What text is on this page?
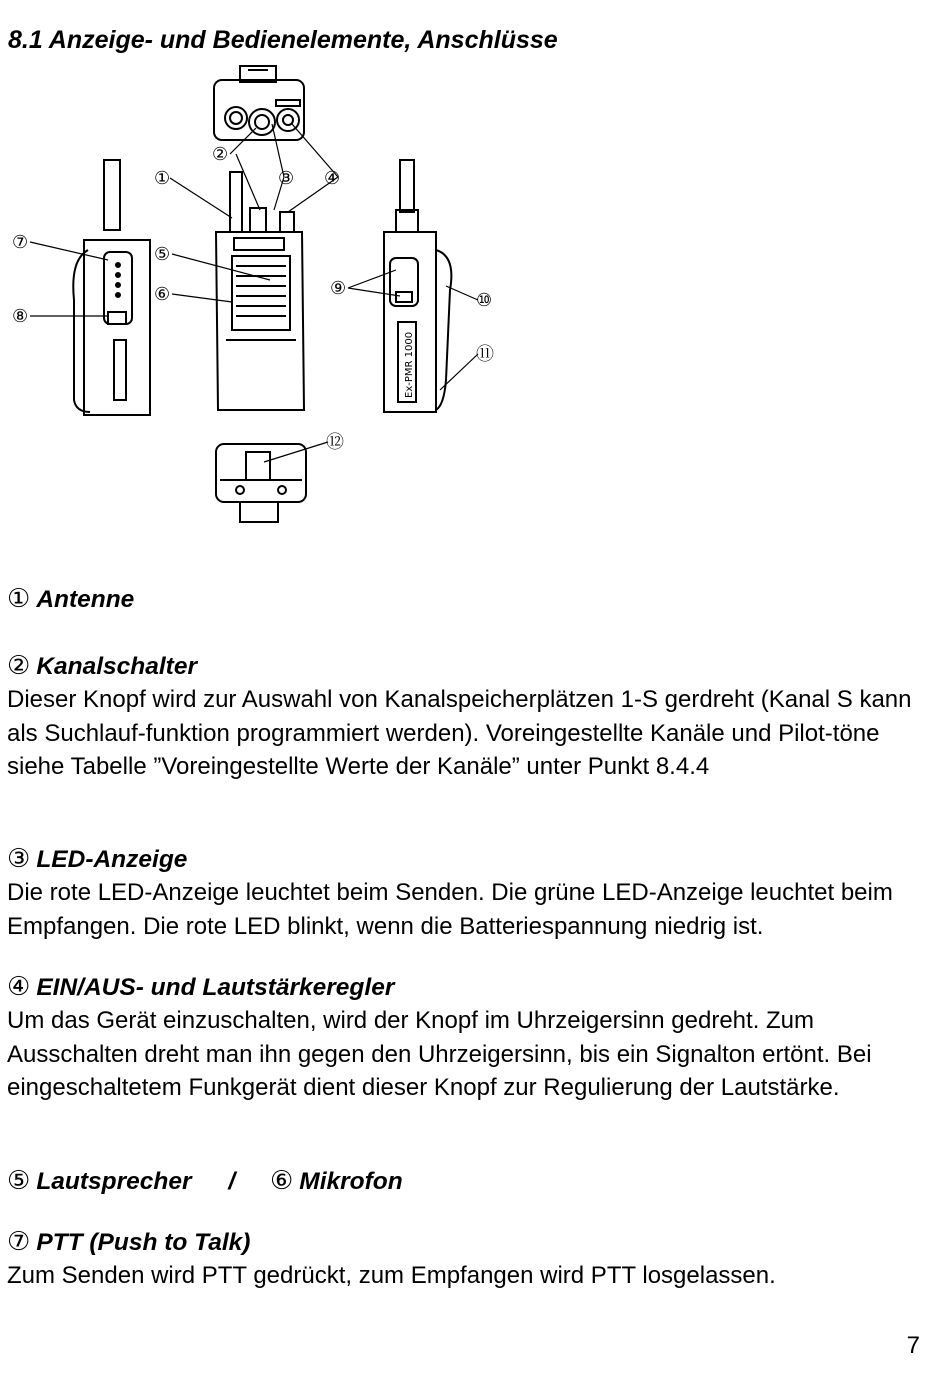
8.1 Anzeige- und Bedienelemente, Anschlüsse
Ex-PMR 1000
①
②
③ ④
⑤
⑥
⑦
⑧
⑨
⑩
⑪
⑫

① Antenne

② Kanalschalter

Dieser Knopf wird zur Auswahl von Kanalspeicherplätzen 1-S gerdreht (Kanal S kann als Suchlauf-funktion programmiert werden). Voreingestellte Kanäle und Pilot-töne siehe Tabelle ”Voreingestellte Werte der Kanäle” unter Punkt 8.4.4

③ LED-Anzeige

Die rote LED-Anzeige leuchtet beim Senden. Die grüne LED-Anzeige leuchtet beim Empfangen. Die rote LED blinkt, wenn die Batteriespannung niedrig ist.

④ EIN/AUS- und Lautstärkeregler

Um das Gerät einzuschalten, wird der Knopf im Uhrzeigersinn gedreht. Zum Ausschalten dreht man ihn gegen den Uhrzeigersinn, bis ein Signalton ertönt. Bei eingeschaltetem Funkgerät dient dieser Knopf zur Regulierung der Lautstärke.

⑤ Lautsprecher / ⑥ Mikrofon

⑦ PTT (Push to Talk)

Zum Senden wird PTT gedrückt, zum Empfangen wird PTT losgelassen.

7
